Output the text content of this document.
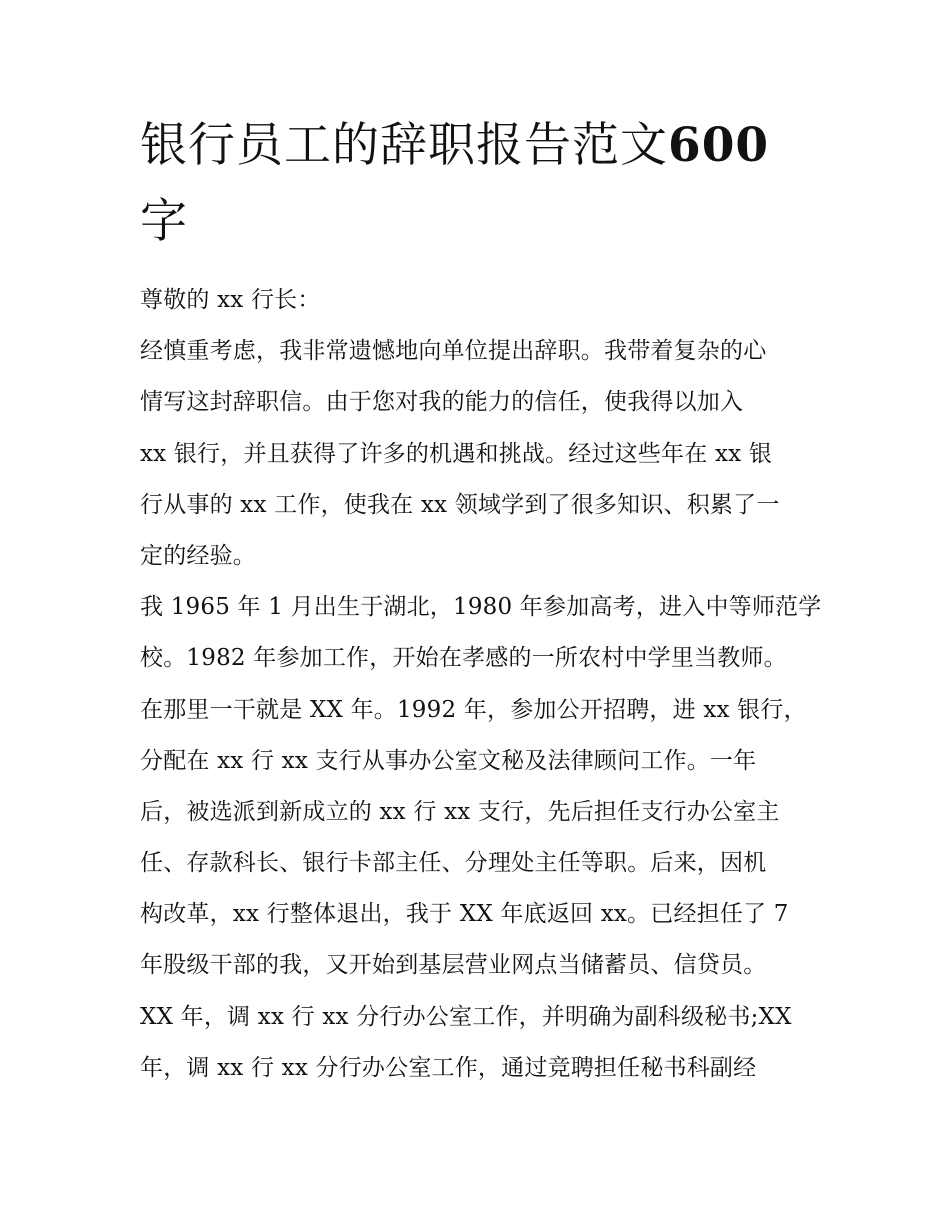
银行员工的辞职报告范文600
字
尊敬的 xx 行长：
经慎重考虑，我非常遗憾地向单位提出辞职。我带着复杂的心
情写这封辞职信。由于您对我的能力的信任，使我得以加入
xx 银行，并且获得了许多的机遇和挑战。经过这些年在 xx 银
行从事的 xx 工作，使我在 xx 领域学到了很多知识、积累了一
定的经验。
我 1965 年 1 月出生于湖北，1980 年参加高考，进入中等师范学
校。1982 年参加工作，开始在孝感的一所农村中学里当教师。
在那里一干就是 XX 年。1992 年，参加公开招聘，进 xx 银行，
分配在 xx 行 xx 支行从事办公室文秘及法律顾问工作。一年
后，被选派到新成立的 xx 行 xx 支行，先后担任支行办公室主
任、存款科长、银行卡部主任、分理处主任等职。后来，因机
构改革，xx 行整体退出，我于 XX 年底返回 xx。已经担任了 7
年股级干部的我，又开始到基层营业网点当储蓄员、信贷员。
XX 年，调 xx 行 xx 分行办公室工作，并明确为副科级秘书;XX
年，调 xx 行 xx 分行办公室工作，通过竞聘担任秘书科副经
